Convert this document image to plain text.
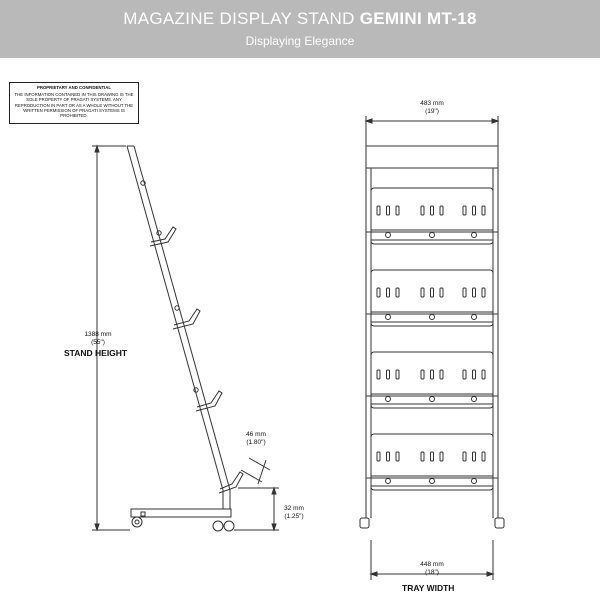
MAGAZINE DISPLAY STAND GEMINI MT-18
Displaying Elegance
PROPRIETARY AND CONFIDENTIAL
THE INFORMATION CONTAINED IN THIS DRAWING IS THE SOLE PROPERTY OF PRAGATI SYSTEMS. ANY REPRODUCTION IN PART OR AS A WHOLE WITHOUT THE WRITTEN PERMISSION OF PRAGATI SYSTEMS IS PROHIBITED.
1388 mm
(55")
STAND HEIGHT
46 mm
(1.80")
32 mm
(1.25")
483 mm
(19")
448 mm
(18")
TRAY WIDTH
